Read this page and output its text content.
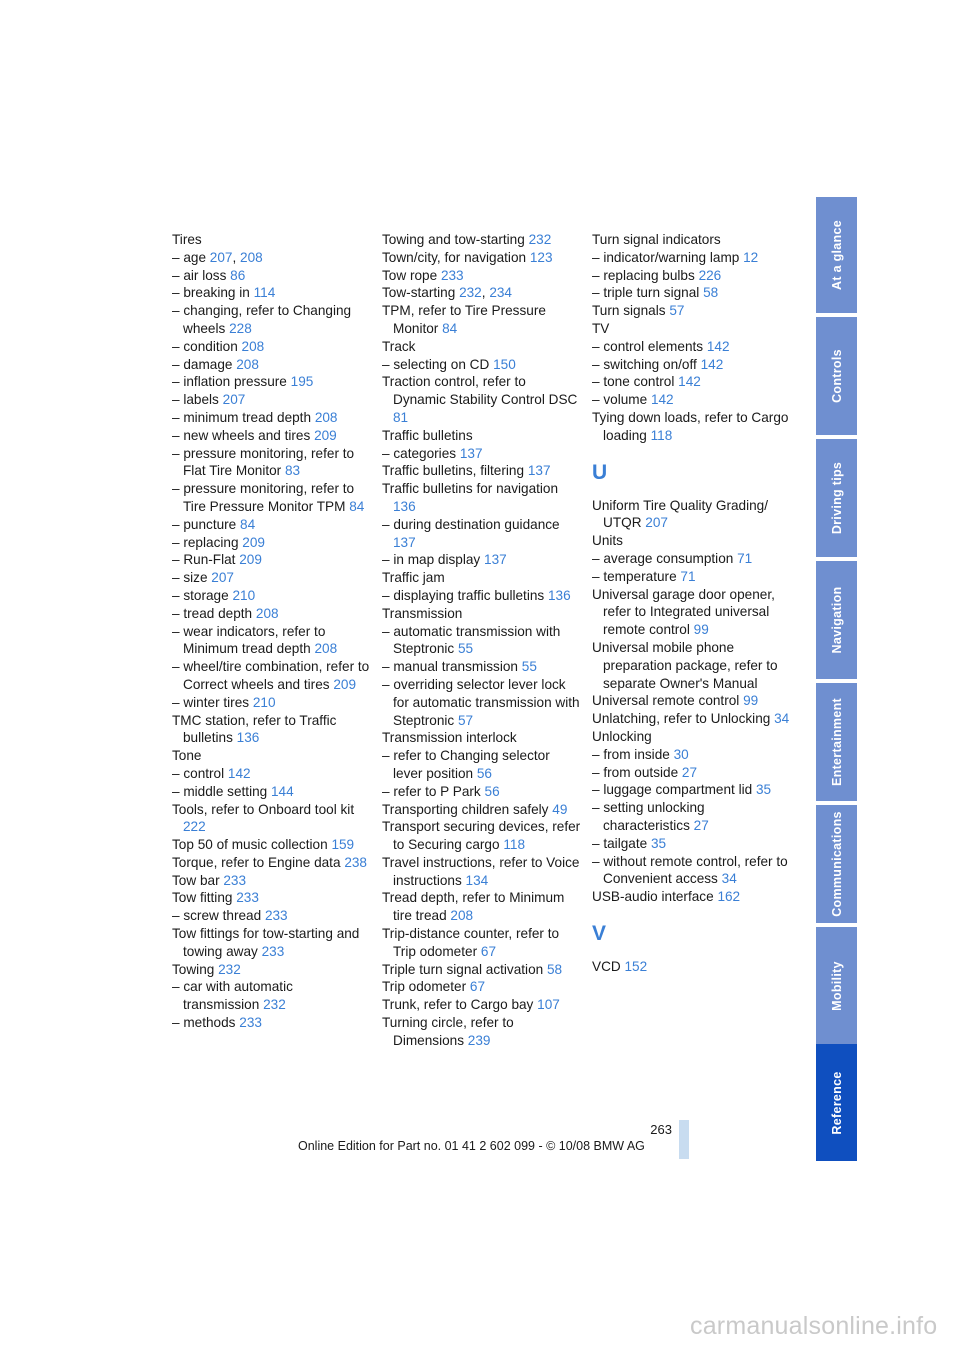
Tires

– age 207, 208

– air loss 86

– breaking in 114

– changing, refer to Changing wheels 228

– condition 208

– damage 208

– inflation pressure 195

– labels 207

– minimum tread depth 208

– new wheels and tires 209

– pressure monitoring, refer to Flat Tire Monitor 83

– pressure monitoring, refer to Tire Pressure Monitor TPM 84

– puncture 84

– replacing 209

– Run-Flat 209

– size 207

– storage 210

– tread depth 208

– wear indicators, refer to Minimum tread depth 208

– wheel/tire combination, refer to Correct wheels and tires 209

– winter tires 210

TMC station, refer to Traffic bulletins 136

Tone

– control 142

– middle setting 144

Tools, refer to Onboard tool kit 222

Top 50 of music collection 159

Torque, refer to Engine data 238

Tow bar 233

Tow fitting 233

– screw thread 233

Tow fittings for tow-starting and towing away 233

Towing 232

– car with automatic transmission 232

– methods 233

Towing and tow-starting 232

Town/city, for navigation 123

Tow rope 233

Tow-starting 232, 234

TPM, refer to Tire Pressure Monitor 84

Track

– selecting on CD 150

Traction control, refer to Dynamic Stability Control DSC 81

Traffic bulletins

– categories 137

Traffic bulletins, filtering 137

Traffic bulletins for navigation 136

– during destination guidance 137

– in map display 137

Traffic jam

– displaying traffic bulletins 136

Transmission

– automatic transmission with Steptronic 55

– manual transmission 55

– overriding selector lever lock for automatic transmission with Steptronic 57

Transmission interlock

– refer to Changing selector lever position 56

– refer to P Park 56

Transporting children safely 49

Transport securing devices, refer to Securing cargo 118

Travel instructions, refer to Voice instructions 134

Tread depth, refer to Minimum tire tread 208

Trip-distance counter, refer to Trip odometer 67

Triple turn signal activation 58

Trip odometer 67

Trunk, refer to Cargo bay 107

Turning circle, refer to Dimensions 239

Turn signal indicators

– indicator/warning lamp 12

– replacing bulbs 226

– triple turn signal 58

Turn signals 57

TV

– control elements 142

– switching on/off 142

– tone control 142

– volume 142

Tying down loads, refer to Cargo loading 118

U

Uniform Tire Quality Grading/ UTQR 207

Units

– average consumption 71

– temperature 71

Universal garage door opener, refer to Integrated universal remote control 99

Universal mobile phone preparation package, refer to separate Owner's Manual

Universal remote control 99

Unlatching, refer to Unlocking 34

Unlocking

– from inside 30

– from outside 27

– luggage compartment lid 35

– setting unlocking characteristics 27

– tailgate 35

– without remote control, refer to Convenient access 34

USB-audio interface 162

V

VCD 152

At a glance
Controls
Driving tips
Navigation
Entertainment
Communications
Mobility
Reference
263
Online Edition for Part no. 01 41 2 602 099 - © 10/08 BMW AG
carmanualsonline.info
